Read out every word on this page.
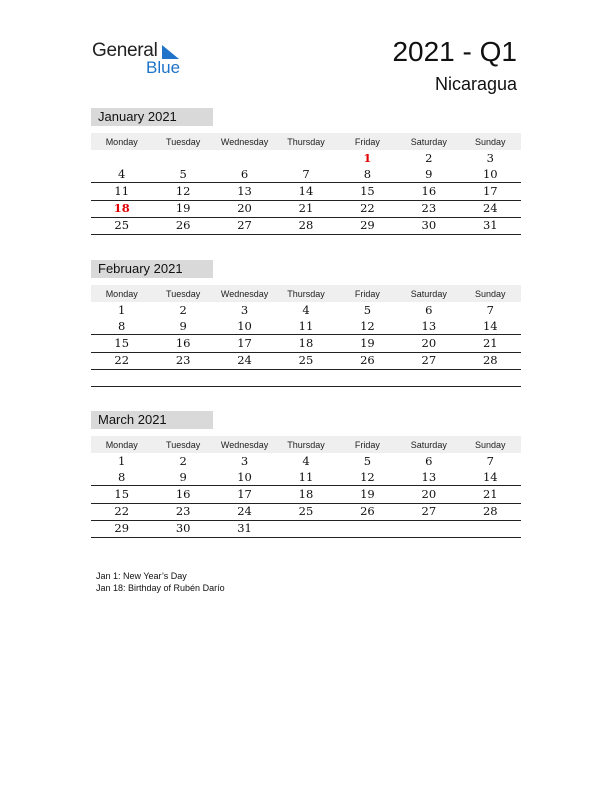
General
Blue
2021 - Q1
Nicaragua
January 2021
Monday	Tuesday	Wednesday	Thursday	Friday	Saturday	Sunday
				1	2	3
4	5	6	7	8	9	10
11	12	13	14	15	16	17
18	19	20	21	22	23	24
25	26	27	28	29	30	31
February 2021
Monday	Tuesday	Wednesday	Thursday	Friday	Saturday	Sunday
1	2	3	4	5	6	7
8	9	10	11	12	13	14
15	16	17	18	19	20	21
22	23	24	25	26	27	28

March 2021
Monday	Tuesday	Wednesday	Thursday	Friday	Saturday	Sunday
1	2	3	4	5	6	7
8	9	10	11	12	13	14
15	16	17	18	19	20	21
22	23	24	25	26	27	28
29	30	31				
Jan 1: New Year’s Day
Jan 18: Birthday of Rubén Darío
